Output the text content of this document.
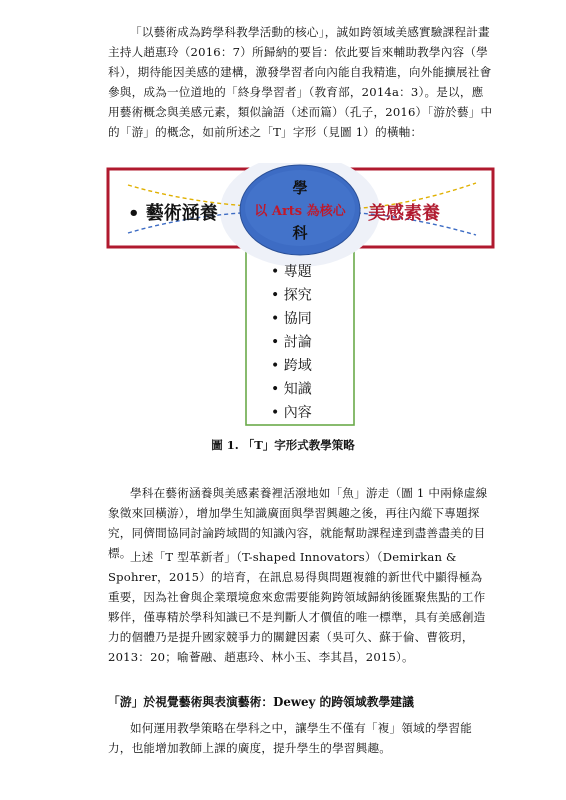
「以藝術成為跨學科教學活動的核心」，誠如跨領域美感實驗課程計畫主持人趙惠玲（2016：7）所歸納的要旨：依此要旨來輔助教學內容（學科），期待能因美感的建構，激發學習者向內能自我精進，向外能擴展社會參與，成為一位道地的「終身學習者」（教育部，2014a：3）。是以，應用藝術概念與美感元素，類似論語（述而篇）（孔子，2016）「游於藝」中的「游」的概念，如前所述之「T」字形（見圖 1）的橫軸：
• 藝術涵養	美感素養
學
以 Arts 為核心
科
• 專題
• 探究
• 協同
• 討論
• 跨域
• 知識
• 內容
圖 1. 「T」字形式教學策略
學科在藝術涵養與美感素養裡活潑地如「魚」游走（圖 1 中兩條虛線象徵來回橫游），增加學生知識廣面與學習興趣之後，再往內縱下專題探究，同儕間協同討論跨域間的知識內容，就能幫助課程達到盡善盡美的目標。
上述「T 型革新者」（T-shaped Innovators）（Demirkan & Spohrer，2015）的培育，在訊息易得與問題複雜的新世代中顯得極為重要，因為社會與企業環境愈來愈需要能夠跨領域歸納後匯聚焦點的工作夥伴，僅專精於學科知識已不是判斷人才價值的唯一標準，具有美感創造力的個體乃是提升國家競爭力的關鍵因素（吳可久、蘇于倫、曹筱玥，2013：20；喻薈融、趙惠玲、林小玉、李其昌，2015）。
「游」於視覺藝術與表演藝術：Dewey 的跨領域教學建議
如何運用教學策略在學科之中，讓學生不僅有「複」領域的學習能力，也能增加教師上課的廣度，提升學生的學習興趣。
